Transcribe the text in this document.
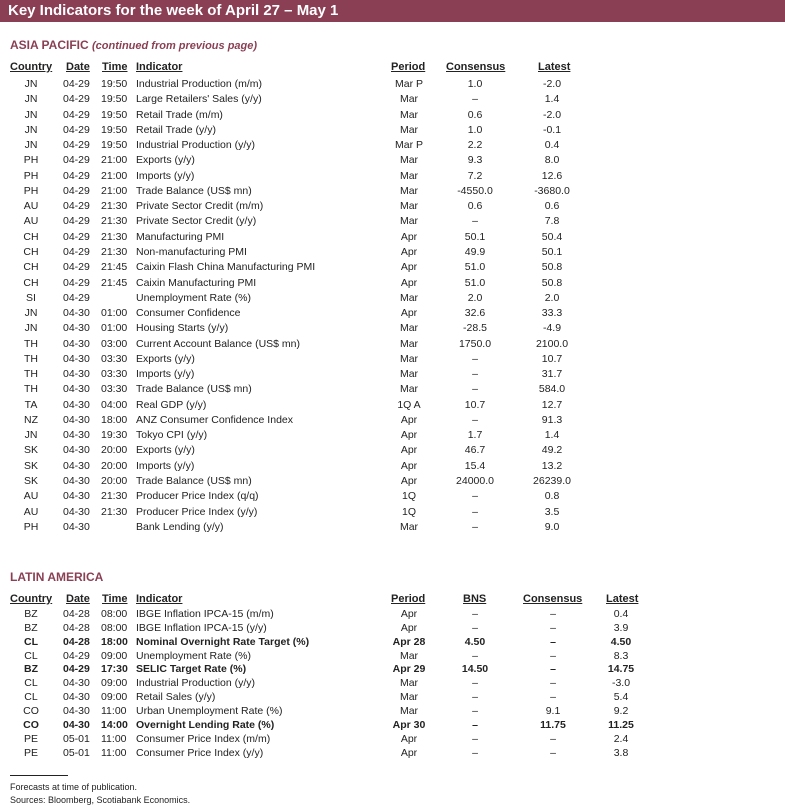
Key Indicators for the week of April 27 – May 1
ASIA PACIFIC (continued from previous page)
Country Date Time Indicator	Period Consensus	Latest
JN 04-29 19:50 Industrial Production (m/m)	Mar P	1.0	-2.0
JN 04-29 19:50 Large Retailers' Sales (y/y)	Mar	–	1.4
JN 04-29 19:50 Retail Trade (m/m)	Mar	0.6	-2.0
JN 04-29 19:50 Retail Trade (y/y)	Mar	1.0	-0.1
JN 04-29 19:50 Industrial Production (y/y)	Mar P	2.2	0.4
PH 04-29 21:00 Exports (y/y)	Mar	9.3	8.0
PH 04-29 21:00 Imports (y/y)	Mar	7.2	12.6
PH 04-29 21:00 Trade Balance (US$ mn)	Mar	-4550.0	-3680.0
AU 04-29 21:30 Private Sector Credit (m/m)	Mar	0.6	0.6
AU 04-29 21:30 Private Sector Credit (y/y)	Mar	–	7.8
CH 04-29 21:30 Manufacturing PMI	Apr	50.1	50.4
CH 04-29 21:30 Non-manufacturing PMI	Apr	49.9	50.1
CH 04-29 21:45 Caixin Flash China Manufacturing PMI	Apr	51.0	50.8
CH 04-29 21:45 Caixin Manufacturing PMI	Apr	51.0	50.8
SI	04-29	Unemployment Rate (%)	Mar	2.0	2.0
JN 04-30 01:00 Consumer Confidence	Apr	32.6	33.3
JN 04-30 01:00 Housing Starts (y/y)	Mar	-28.5	-4.9
TH 04-30 03:00 Current Account Balance (US$ mn)	Mar	1750.0	2100.0
TH 04-30 03:30 Exports (y/y)	Mar	–	10.7
TH 04-30 03:30 Imports (y/y)	Mar	–	31.7
TH 04-30 03:30 Trade Balance (US$ mn)	Mar	–	584.0
TA 04-30 04:00 Real GDP (y/y)	1Q A	10.7	12.7
NZ 04-30 18:00 ANZ Consumer Confidence Index	Apr	–	91.3
JN 04-30 19:30 Tokyo CPI (y/y)	Apr	1.7	1.4
SK 04-30 20:00 Exports (y/y)	Apr	46.7	49.2
SK 04-30 20:00 Imports (y/y)	Apr	15.4	13.2
SK 04-30 20:00 Trade Balance (US$ mn)	Apr	24000.0	26239.0
AU 04-30 21:30 Producer Price Index (q/q)	1Q	–	0.8
AU 04-30 21:30 Producer Price Index (y/y)	1Q	–	3.5
PH 04-30	Bank Lending (y/y)	Mar	–	9.0
LATIN AMERICA
Country Date Time Indicator	Period	BNS	Consensus Latest
BZ 04-28 08:00 IBGE Inflation IPCA-15 (m/m)	Apr	–	–	0.4
BZ 04-28 08:00 IBGE Inflation IPCA-15 (y/y)	Apr	–	–	3.9
CL 04-28 18:00 Nominal Overnight Rate Target (%)	Apr 28	4.50	–	4.50
CL 04-29 09:00 Unemployment Rate (%)	Mar	–	–	8.3
BZ 04-29 17:30 SELIC Target Rate (%)	Apr 29	14.50	–	14.75
CL 04-30 09:00 Industrial Production (y/y)	Mar	–	–	-3.0
CL 04-30 09:00 Retail Sales (y/y)	Mar	–	–	5.4
CO 04-30 11:00 Urban Unemployment Rate (%)	Mar	–	9.1	9.2
CO 04-30 14:00 Overnight Lending Rate (%)	Apr 30	–	11.75	11.25
PE 05-01 11:00 Consumer Price Index (m/m)	Apr	–	–	2.4
PE 05-01 11:00 Consumer Price Index (y/y)	Apr	–	–	3.8
Forecasts at time of publication.
Sources: Bloomberg, Scotiabank Economics.
